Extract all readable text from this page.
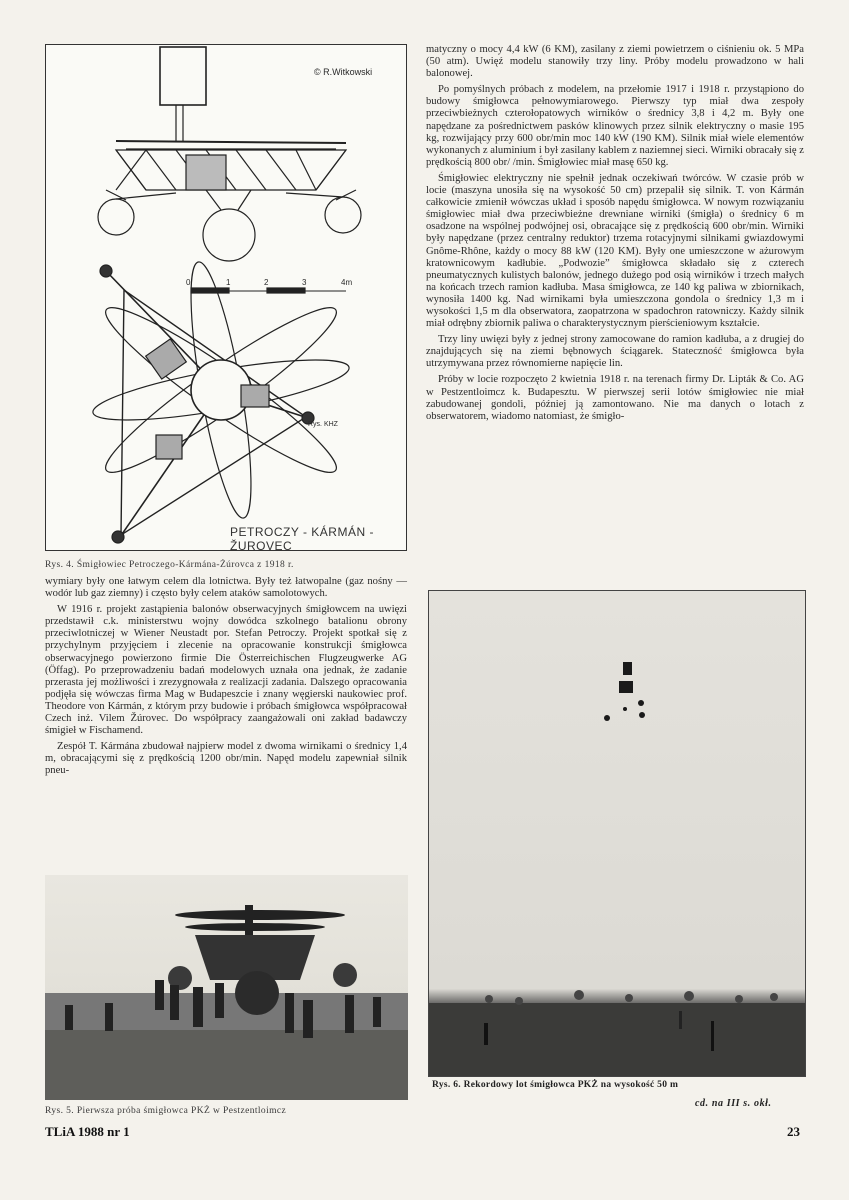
© R.Witkowski
0	1	2	3	4m
Rys. KHZ
PETROCZY - KÁRMÁN - ŽUROVEC
Rys. 4. Śmigłowiec Petroczego-Kármána-Żúrovca z 1918 r.

wymiary były one łatwym celem dla lotnictwa. Były też łatwopalne (gaz nośny — wodór lub gaz ziemny) i często były celem ataków samolotowych.

W 1916 r. projekt zastąpienia balonów obserwacyjnych śmigłowcem na uwięzi przedstawił c.k. ministerstwu wojny dowódca szkolnego batalionu obrony przeciwlotniczej w Wiener Neustadt por. Stefan Petroczy. Projekt spotkał się z przychylnym przyjęciem i zlecenie na opracowanie konstrukcji śmigłowca obserwacyjnego powierzono firmie Die Österreichischen Flugzeugwerke AG (Öffag). Po przeprowadzeniu badań modelowych uznała ona jednak, że zadanie przerasta jej możliwości i zrezygnowała z realizacji zadania. Dalszego opracowania podjęła się wówczas firma Mag w Budapeszcie i znany węgierski naukowiec prof. Theodore von Kármán, z którym przy budowie i próbach śmigłowca współpracował Czech inż. Vilem Žúrovec. Do współpracy zaangażowali oni zakład badawczy śmigieł w Fischamend.

Zespół T. Kármána zbudował najpierw model z dwoma wirnikami o średnicy 1,4 m, obracającymi się z prędkością 1200 obr/min. Napęd modelu zapewniał silnik pneu-

Rys. 5. Pierwsza próba śmigłowca PKŻ w Pestzentloimcz

matyczny o mocy 4,4 kW (6 KM), zasilany z ziemi powietrzem o ciśnieniu ok. 5 MPa (50 atm). Uwięź modelu stanowiły trzy liny. Próby modelu prowadzono w hali balonowej.

Po pomyślnych próbach z modelem, na przełomie 1917 i 1918 r. przystąpiono do budowy śmigłowca pełnowymiarowego. Pierwszy typ miał dwa zespoły przeciwbieżnych czterołopatowych wirników o średnicy 3,8 i 4,2 m. Były one napędzane za pośrednictwem pasków klinowych przez silnik elektryczny o masie 195 kg, rozwijający przy 600 obr/min moc 140 kW (190 KM). Silnik miał wiele elementów wykonanych z aluminium i był zasilany kablem z naziemnej sieci. Wirniki obracały się z prędkością 800 obr/ /min. Śmigłowiec miał masę 650 kg.

Śmigłowiec elektryczny nie spełnił jednak oczekiwań twórców. W czasie prób w locie (maszyna unosiła się na wysokość 50 cm) przepalił się silnik. T. von Kármán całkowicie zmienił wówczas układ i sposób napędu śmigłowca. W nowym rozwiązaniu śmigłowiec miał dwa przeciwbieżne drewniane wirniki (śmigła) o średnicy 6 m osadzone na wspólnej podwójnej osi, obracające się z prędkością 600 obr/min. Wirniki były napędzane (przez centralny reduktor) trzema rotacyjnymi silnikami gwiazdowymi Gnôme-Rhône, każdy o mocy 88 kW (120 KM). Były one umieszczone w ażurowym kratownicowym kadłubie. „Podwozie” śmigłowca składało się z czterech pneumatycznych kulistych balonów, jednego dużego pod osią wirników i trzech małych na końcach trzech ramion kadłuba. Masa śmigłowca, ze 140 kg paliwa w zbiornikach, wynosiła 1400 kg. Nad wirnikami była umieszczona gondola o średnicy 1,3 m i wysokości 1,5 m dla obserwatora, zaopatrzona w spadochron ratowniczy. Każdy silnik miał odrębny zbiornik paliwa o charakterystycznym pierścieniowym kształcie.

Trzy liny uwięzi były z jednej strony zamocowane do ramion kadłuba, a z drugiej do znajdujących się na ziemi bębnowych ściągarek. Stateczność śmigłowca była utrzymywana przez równomierne napięcie lin.

Próby w locie rozpoczęto 2 kwietnia 1918 r. na terenach firmy Dr. Lipták & Co. AG w Pestzentloimcz k. Budapesztu. W pierwszej serii lotów śmigłowiec nie miał zabudowanej gondoli, później ją zamontowano. Nie ma danych o lotach z obserwatorem, wiadomo natomiast, że śmigło-

Rys. 6. Rekordowy lot śmigłowca PKŻ na wysokość 50 m
cd. na III s. okł.
TLiA 1988 nr 1	23
